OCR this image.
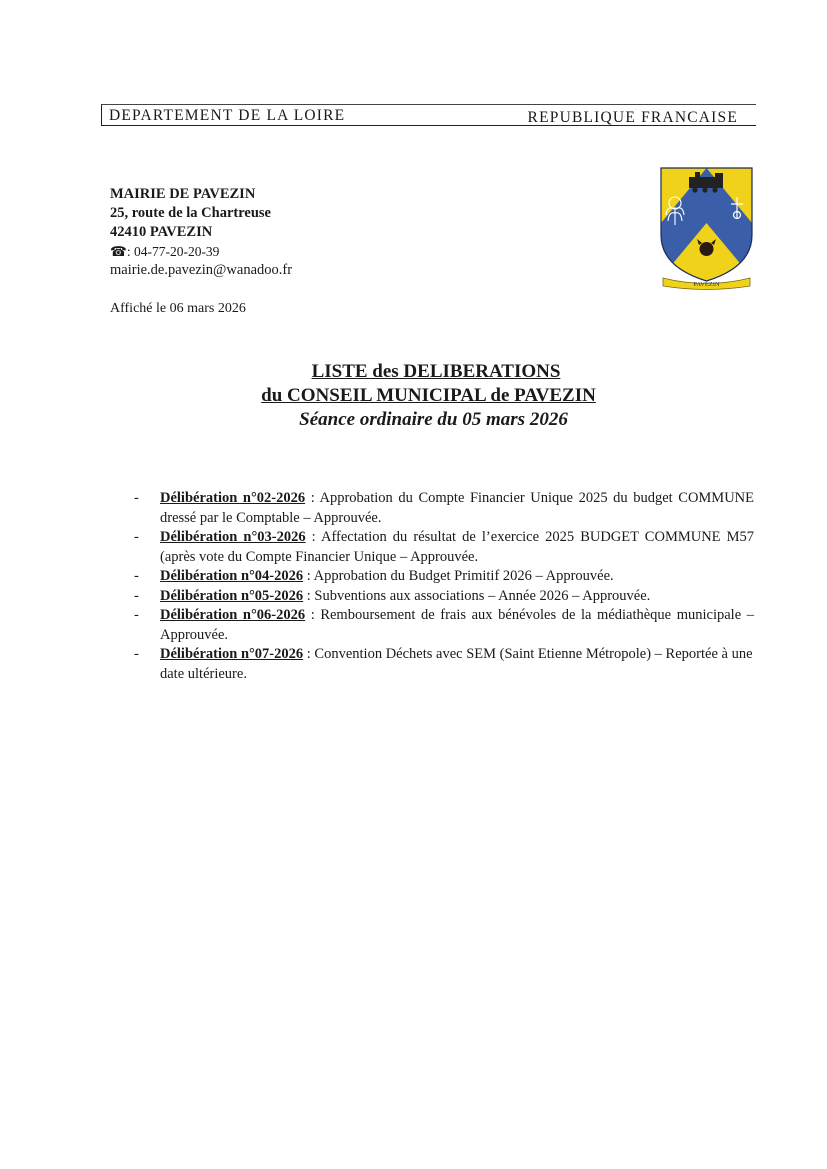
DEPARTEMENT DE LA LOIRE	REPUBLIQUE FRANCAISE
MAIRIE DE PAVEZIN
25, route de la Chartreuse
42410 PAVEZIN
☎: 04-77-20-20-39
mairie.de.pavezin@wanadoo.fr
Affiché le 06 mars 2026
PAVEZIN
LISTE des DELIBERATIONS
du CONSEIL MUNICIPAL de PAVEZIN
Séance ordinaire du 05 mars 2026
- Délibération n°02-2026 : Approbation du Compte Financier Unique 2025 du budget COMMUNE dressé par le Comptable – Approuvée.
- Délibération n°03-2026 : Affectation du résultat de l’exercice 2025 BUDGET COMMUNE M57 (après vote du Compte Financier Unique – Approuvée.
- Délibération n°04-2026 : Approbation du Budget Primitif 2026 – Approuvée.
- Délibération n°05-2026 : Subventions aux associations – Année 2026 – Approuvée.
- Délibération n°06-2026 : Remboursement de frais aux bénévoles de la médiathèque municipale – Approuvée.
- Délibération n°07-2026 : Convention Déchets avec SEM (Saint Etienne Métropole) – Reportée à une date ultérieure.
